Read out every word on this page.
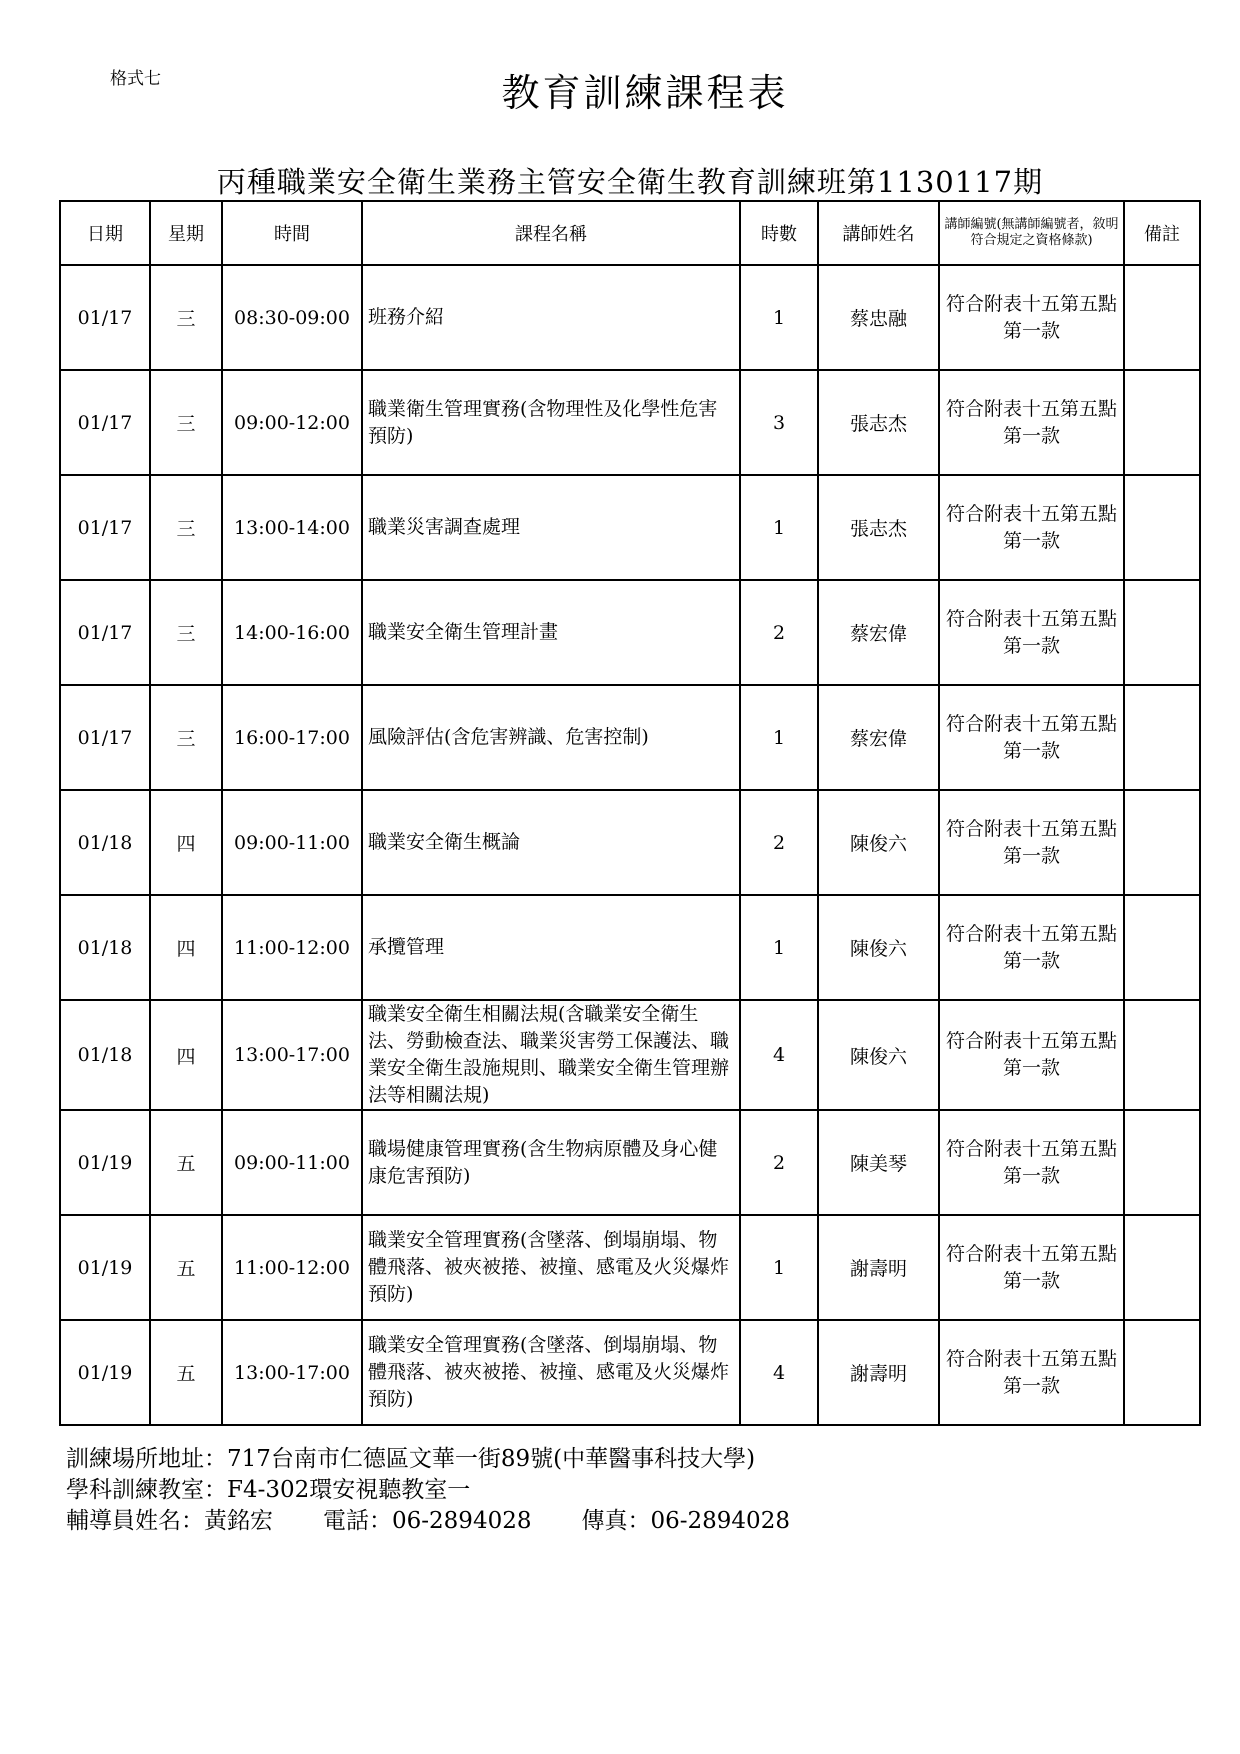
格式七	教育訓練課程表
丙種職業安全衛生業務主管安全衛生教育訓練班第1130117期
日期	星期	時間	課程名稱	時數	講師姓名	講師編號(無講師編號者，敘明符合規定之資格條款)	備註
01/17	三	08:30-09:00	班務介紹	1	蔡忠融	符合附表十五第五點第一款	
01/17	三	09:00-12:00	職業衛生管理實務(含物理性及化學性危害預防)	3	張志杰	符合附表十五第五點第一款	
01/17	三	13:00-14:00	職業災害調查處理	1	張志杰	符合附表十五第五點第一款	
01/17	三	14:00-16:00	職業安全衛生管理計畫	2	蔡宏偉	符合附表十五第五點第一款	
01/17	三	16:00-17:00	風險評估(含危害辨識、危害控制)	1	蔡宏偉	符合附表十五第五點第一款	
01/18	四	09:00-11:00	職業安全衛生概論	2	陳俊六	符合附表十五第五點第一款	
01/18	四	11:00-12:00	承攬管理	1	陳俊六	符合附表十五第五點第一款	
01/18	四	13:00-17:00	職業安全衛生相關法規(含職業安全衛生法、勞動檢查法、職業災害勞工保護法、職業安全衛生設施規則、職業安全衛生管理辦法等相關法規)	4	陳俊六	符合附表十五第五點第一款	
01/19	五	09:00-11:00	職場健康管理實務(含生物病原體及身心健康危害預防)	2	陳美琴	符合附表十五第五點第一款	
01/19	五	11:00-12:00	職業安全管理實務(含墜落、倒塌崩塌、物體飛落、被夾被捲、被撞、感電及火災爆炸預防)	1	謝壽明	符合附表十五第五點第一款	
01/19	五	13:00-17:00	職業安全管理實務(含墜落、倒塌崩塌、物體飛落、被夾被捲、被撞、感電及火災爆炸預防)	4	謝壽明	符合附表十五第五點第一款	
訓練場所地址：717台南市仁德區文華一街89號(中華醫事科技大學)
學科訓練教室：F4-302環安視聽教室一
輔導員姓名：黃銘宏 電話：06-2894028 傳真：06-2894028
